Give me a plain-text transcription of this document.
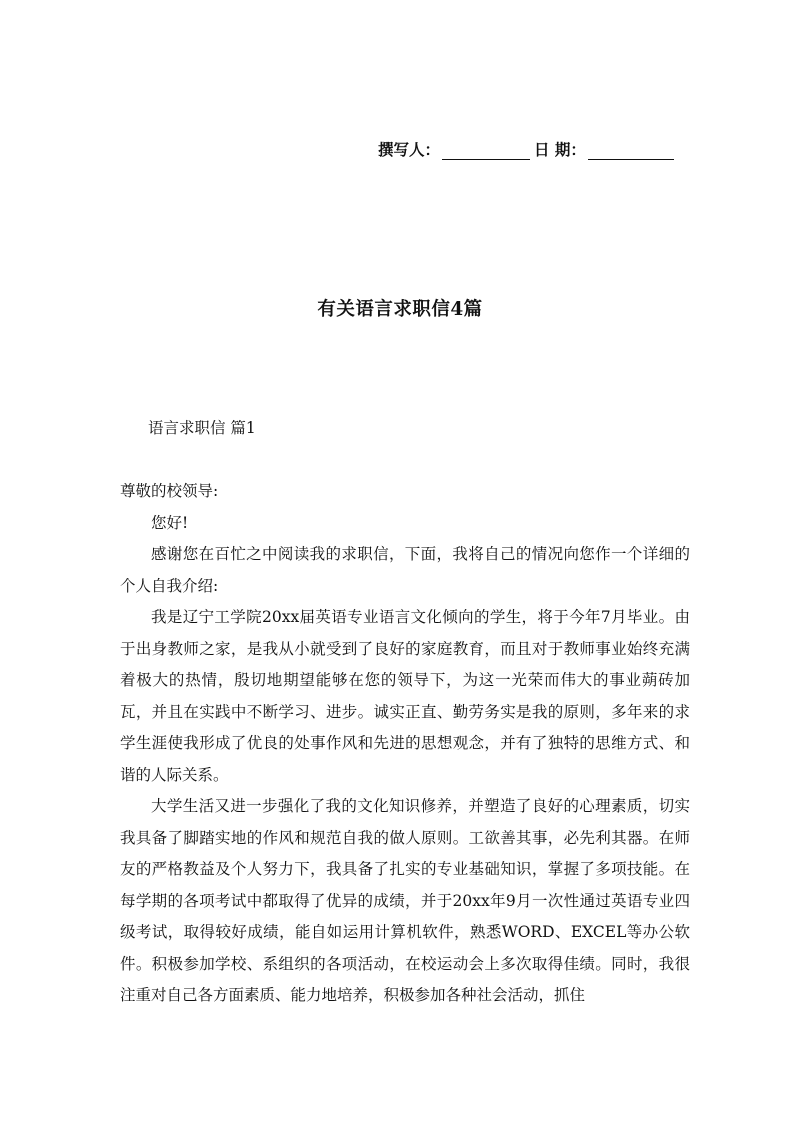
撰写人：	日 期：
有关语言求职信4篇
语言求职信 篇1

尊敬的校领导:

您好!

感谢您在百忙之中阅读我的求职信，下面，我将自己的情况向您作一个详细的个人自我介绍:

我是辽宁工学院20xx届英语专业语言文化倾向的学生，将于今年7月毕业。由于出身教师之家，是我从小就受到了良好的家庭教育，而且对于教师事业始终充满着极大的热情，殷切地期望能够在您的领导下，为这一光荣而伟大的事业蒴砖加瓦，并且在实践中不断学习、进步。诚实正直、勤劳务实是我的原则，多年来的求学生涯使我形成了优良的处事作风和先进的思想观念，并有了独特的思维方式、和谐的人际关系。

大学生活又进一步强化了我的文化知识修养，并塑造了良好的心理素质，切实我具备了脚踏实地的作风和规范自我的做人原则。工欲善其事，必先利其器。在师友的严格教益及个人努力下，我具备了扎实的专业基础知识，掌握了多项技能。在每学期的各项考试中都取得了优异的成绩，并于20xx年9月一次性通过英语专业四级考试，取得较好成绩，能自如运用计算机软件，熟悉WORD、EXCEL等办公软件。积极参加学校、系组织的各项活动，在校运动会上多次取得佳绩。同时，我很注重对自己各方面素质、能力地培养，积极参加各种社会活动，抓住
